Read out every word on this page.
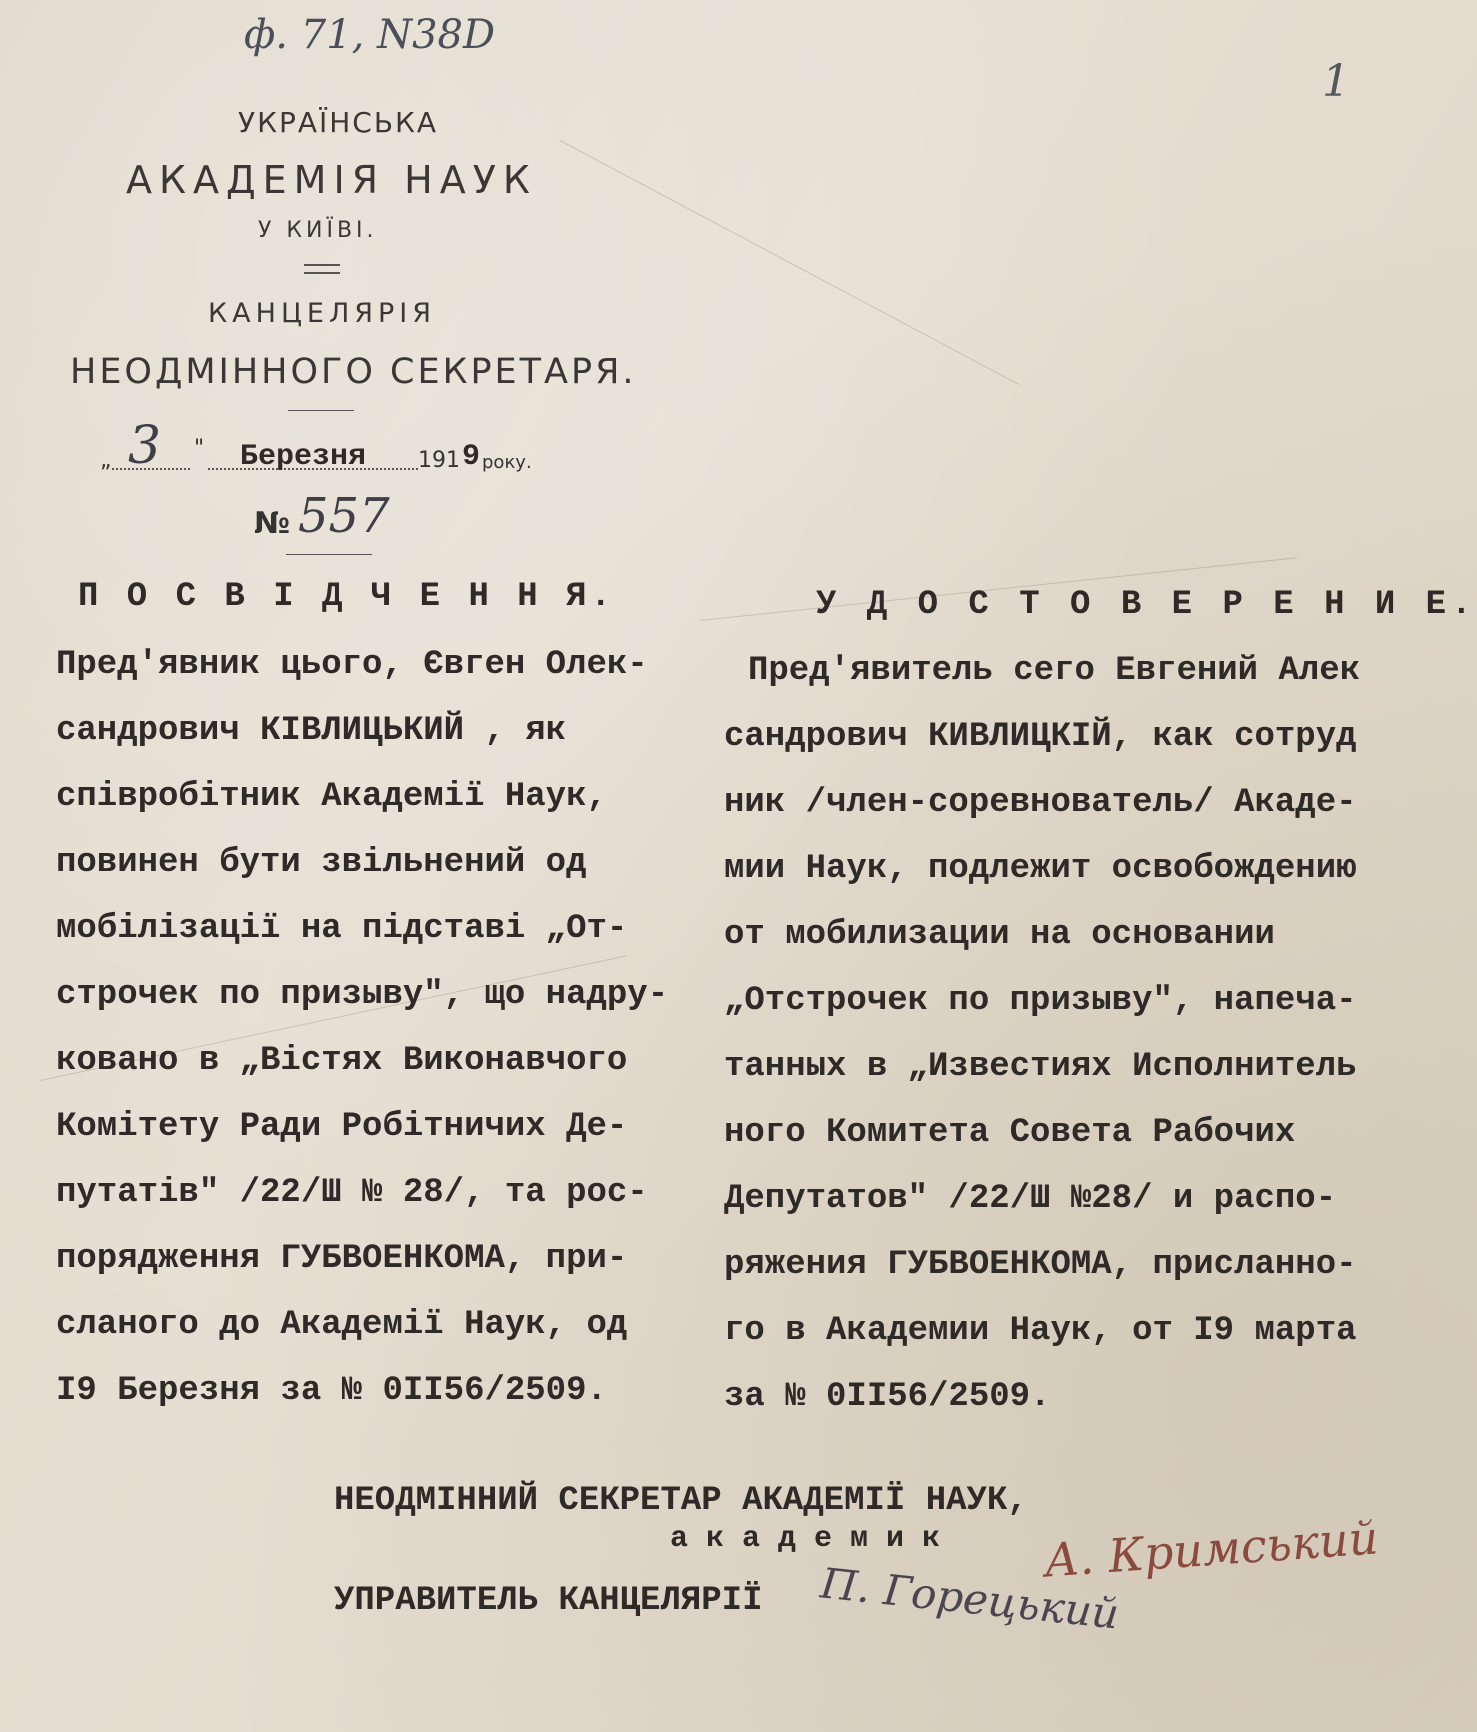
ф. 71, N38D
1
УКРАЇНСЬКА
АКАДЕМІЯ НАУК
У КИЇВІ.
КАНЦЕЛЯРІЯ
НЕОДМІННОГО СЕКРЕТАРЯ.
„ 3 " Березня 191 9 року.
№ 557
П О С В І Д Ч Е Н Н Я.
Пред'явник цього, Євген Олек-
сандрович КІВЛИЦЬКИЙ , як
співробітник Академії Наук,
повинен бути звільнений од
мобілізації на підставі „От-
строчек по призыву", що надру-
ковано в „Вістях Виконавчого
Комітету Ради Робітничих Де-
путатів" /22/Ш № 28/, та рос-
порядження ГУБВОЕНКОМА, при-
сланого до Академії Наук, од
I9 Березня за № 0II56/2509.
У Д О С Т О В Е Р Е Н И Е.
Пред'явитель сего Евгений Алек
сандрович КИВЛИЦКІЙ, как сотруд
ник /член-соревнователь/ Акаде-
мии Наук, подлежит освобождению
от мобилизации на основании
„Отстрочек по призыву", напеча-
танных в „Известиях Исполнитель
ного Комитета Совета Рабочих
Депутатов" /22/Ш №28/ и распо-
ряжения ГУБВОЕНКОМА, присланно-
го в Академии Наук, от I9 марта
за № 0II56/2509.
НЕОДМІННИЙ СЕКРЕТАР АКАДЕМІЇ НАУК,
а к а д е м и к А. Кримський
УПРАВИТЕЛЬ КАНЦЕЛЯРІЇ П. Горецький
